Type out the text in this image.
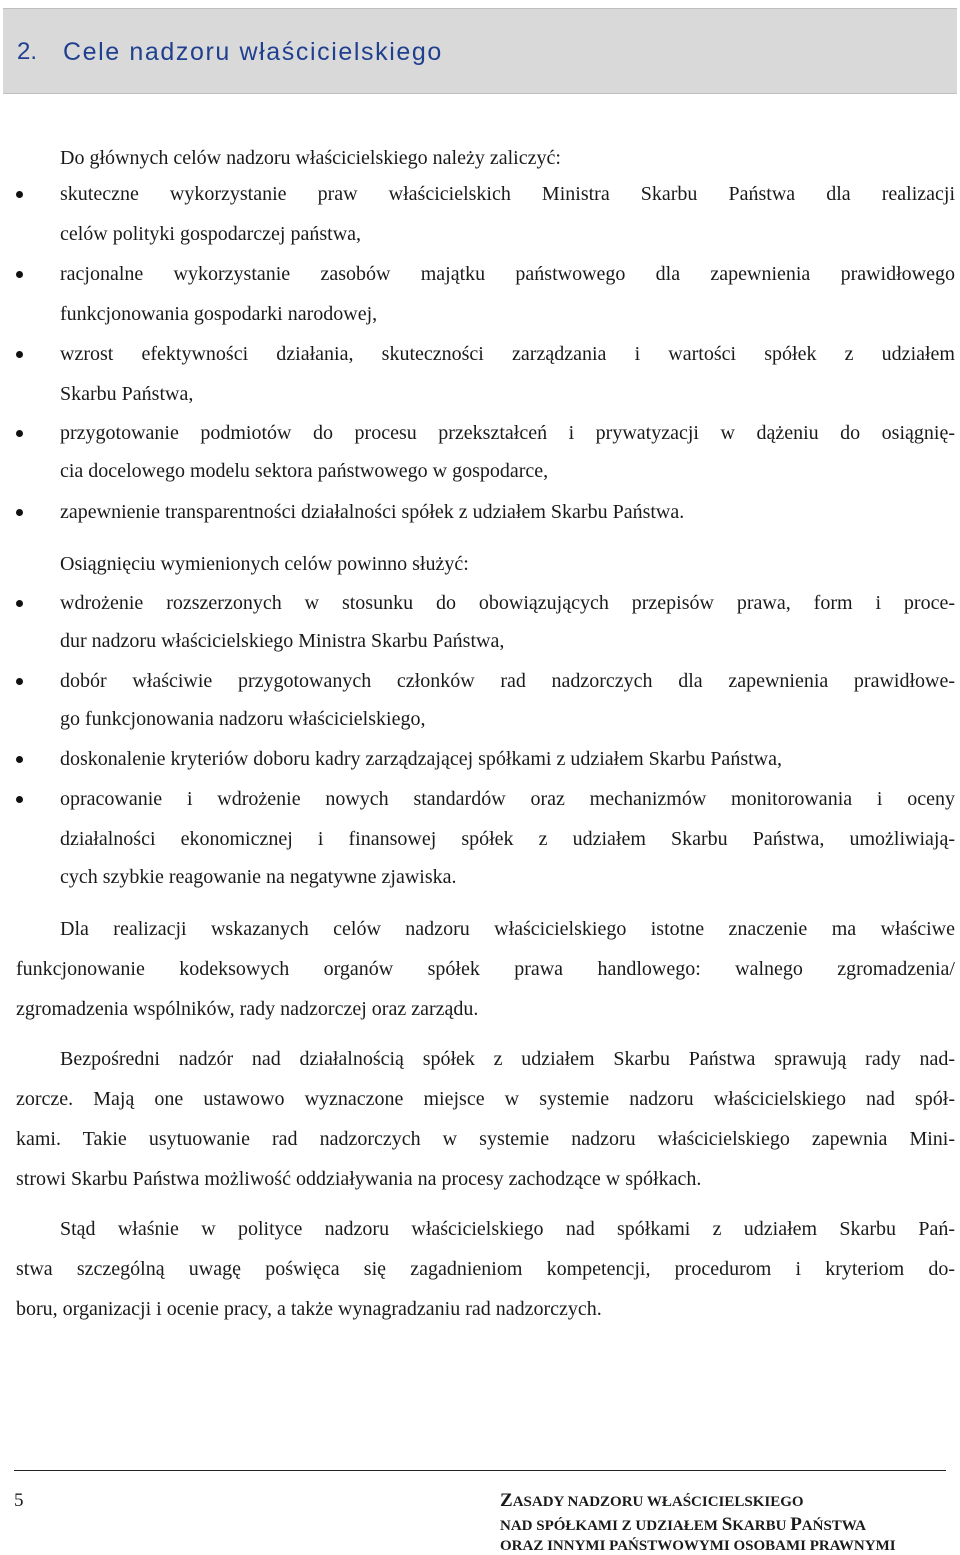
2. Cele nadzoru właścicielskiego
Do głównych celów nadzoru właścicielskiego należy zaliczyć:
skuteczne wykorzystanie praw właścicielskich Ministra Skarbu Państwa dla realizacji
celów polityki gospodarczej państwa,
racjonalne wykorzystanie zasobów majątku państwowego dla zapewnienia prawidłowego
funkcjonowania gospodarki narodowej,
wzrost efektywności działania, skuteczności zarządzania i wartości spółek z udziałem
Skarbu Państwa,
przygotowanie podmiotów do procesu przekształceń i prywatyzacji w dążeniu do osiągnię-
cia docelowego modelu sektora państwowego w gospodarce,
zapewnienie transparentności działalności spółek z udziałem Skarbu Państwa.
Osiągnięciu wymienionych celów powinno służyć:
wdrożenie rozszerzonych w stosunku do obowiązujących przepisów prawa, form i proce-
dur nadzoru właścicielskiego Ministra Skarbu Państwa,
dobór właściwie przygotowanych członków rad nadzorczych dla zapewnienia prawidłowe-
go funkcjonowania nadzoru właścicielskiego,
doskonalenie kryteriów doboru kadry zarządzającej spółkami z udziałem Skarbu Państwa,
opracowanie i wdrożenie nowych standardów oraz mechanizmów monitorowania i oceny
działalności ekonomicznej i finansowej spółek z udziałem Skarbu Państwa, umożliwiają-
cych szybkie reagowanie na negatywne zjawiska.
Dla realizacji wskazanych celów nadzoru właścicielskiego istotne znaczenie ma właściwe
funkcjonowanie kodeksowych organów spółek prawa handlowego: walnego zgromadzenia/
zgromadzenia wspólników, rady nadzorczej oraz zarządu.
Bezpośredni nadzór nad działalnością spółek z udziałem Skarbu Państwa sprawują rady nad-
zorcze. Mają one ustawowo wyznaczone miejsce w systemie nadzoru właścicielskiego nad spół-
kami. Takie usytuowanie rad nadzorczych w systemie nadzoru właścicielskiego zapewnia Mini-
strowi Skarbu Państwa możliwość oddziaływania na procesy zachodzące w spółkach.
Stąd właśnie w polityce nadzoru właścicielskiego nad spółkami z udziałem Skarbu Pań-
stwa szczególną uwagę poświęca się zagadnieniom kompetencji, procedurom i kryteriom do-
boru, organizacji i ocenie pracy, a także wynagradzaniu rad nadzorczych.
5	ZASADY NADZORU WŁAŚCICIELSKIEGO
NAD SPÓŁKAMI Z UDZIAŁEM SKARBU PAŃSTWA
ORAZ INNYMI PAŃSTWOWYMI OSOBAMI PRAWNYMI
